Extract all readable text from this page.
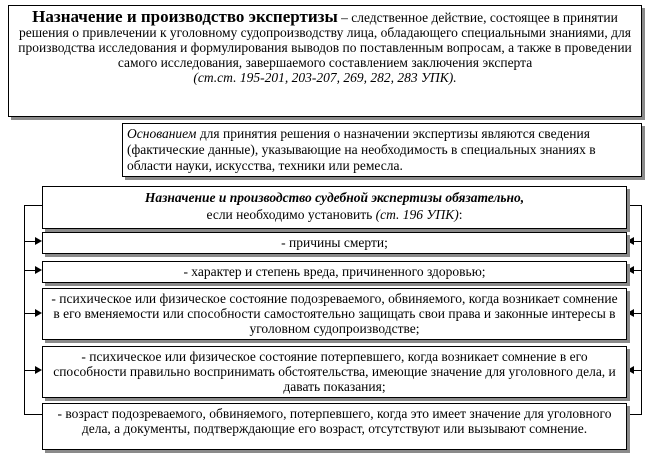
Назначение и производство экспертизы – следственное действие, состоящее в принятии решения о привлечении к уголовному судопроизводству лица, обладающего специальными знаниями, для производства исследования и формулирования выводов по поставленным вопросам, а также в проведении самого исследования, завершаемого составлением заключения эксперта

(ст.ст. 195-201, 203-207, 269, 282, 283 УПК).

Основанием для принятия решения о назначении экспертизы являются сведения (фактические данные), указывающие на необходимость в специальных знаниях в области науки, искусства, техники или ремесла.

Назначение и производство судебной экспертизы обязательно,

если необходимо установить (ст. 196 УПК):

- причины смерти;

- характер и степень вреда, причиненного здоровью;

- психическое или физическое состояние подозреваемого, обвиняемого, когда возникает сомнение в его вменяемости или способности самостоятельно защищать свои права и законные интересы в уголовном судопроизводстве;

- психическое или физическое состояние потерпевшего, когда возникает сомнение в его способности правильно воспринимать обстоятельства, имеющие значение для уголовного дела, и давать показания;

- возраст подозреваемого, обвиняемого, потерпевшего, когда это имеет значение для уголовного дела, а документы, подтверждающие его возраст, отсутствуют или вызывают сомнение.
